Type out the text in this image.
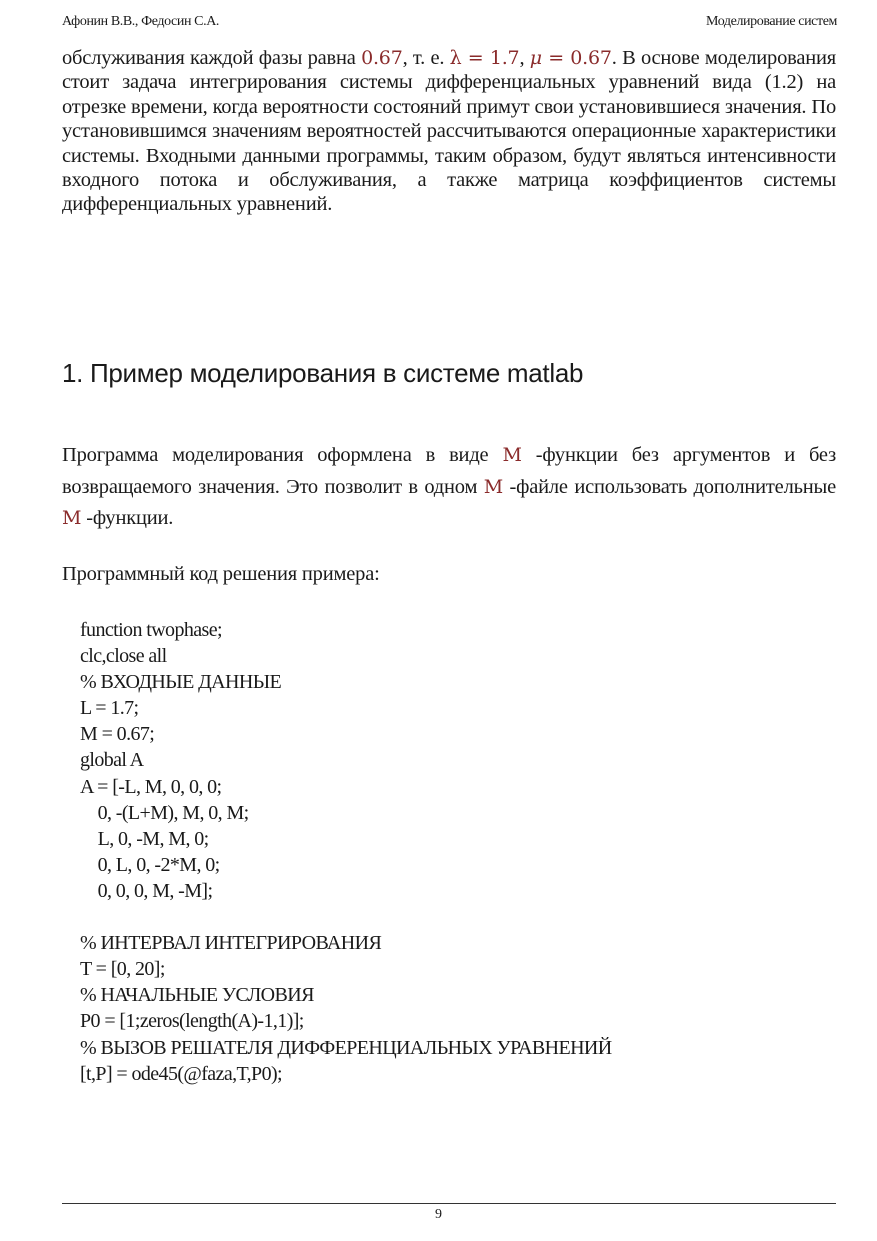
Афонин В.В., Федосин С.А.	Моделирование систем

обслуживания каждой фазы равна 0.67, т. е. λ = 1.7, μ = 0.67. В основе моделирования стоит задача интегрирования системы дифференциальных уравнений вида (1.2) на отрезке времени, когда вероятности состояний примут свои установившиеся значения. По установившимся значениям вероятностей рассчитываются операционные характеристики системы. Входными данными программы, таким образом, будут являться интенсивности входного потока и обслуживания, а также матрица коэффициентов системы дифференциальных уравнений.

1. Пример моделирования в системе matlab

Программа моделирования оформлена в виде M -функции без аргументов и без возвращаемого значения. Это позволит в одном M -файле использовать дополнительные M -функции.

Программный код решения примера:

function twophase;
clc,close all
% ВХОДНЫЕ ДАННЫЕ
L = 1.7;
M = 0.67;
global A
A = [-L, M, 0, 0, 0;
0, -(L+M), M, 0, M;
L, 0, -M, M, 0;
0, L, 0, -2*M, 0;
0, 0, 0, M, -M];
% ИНТЕРВАЛ ИНТЕГРИРОВАНИЯ
T = [0, 20];
% НАЧАЛЬНЫЕ УСЛОВИЯ
P0 = [1;zeros(length(A)-1,1)];
% ВЫЗОВ РЕШАТЕЛЯ ДИФФЕРЕНЦИАЛЬНЫХ УРАВНЕНИЙ
[t,P] = ode45(@faza,T,P0);
9
